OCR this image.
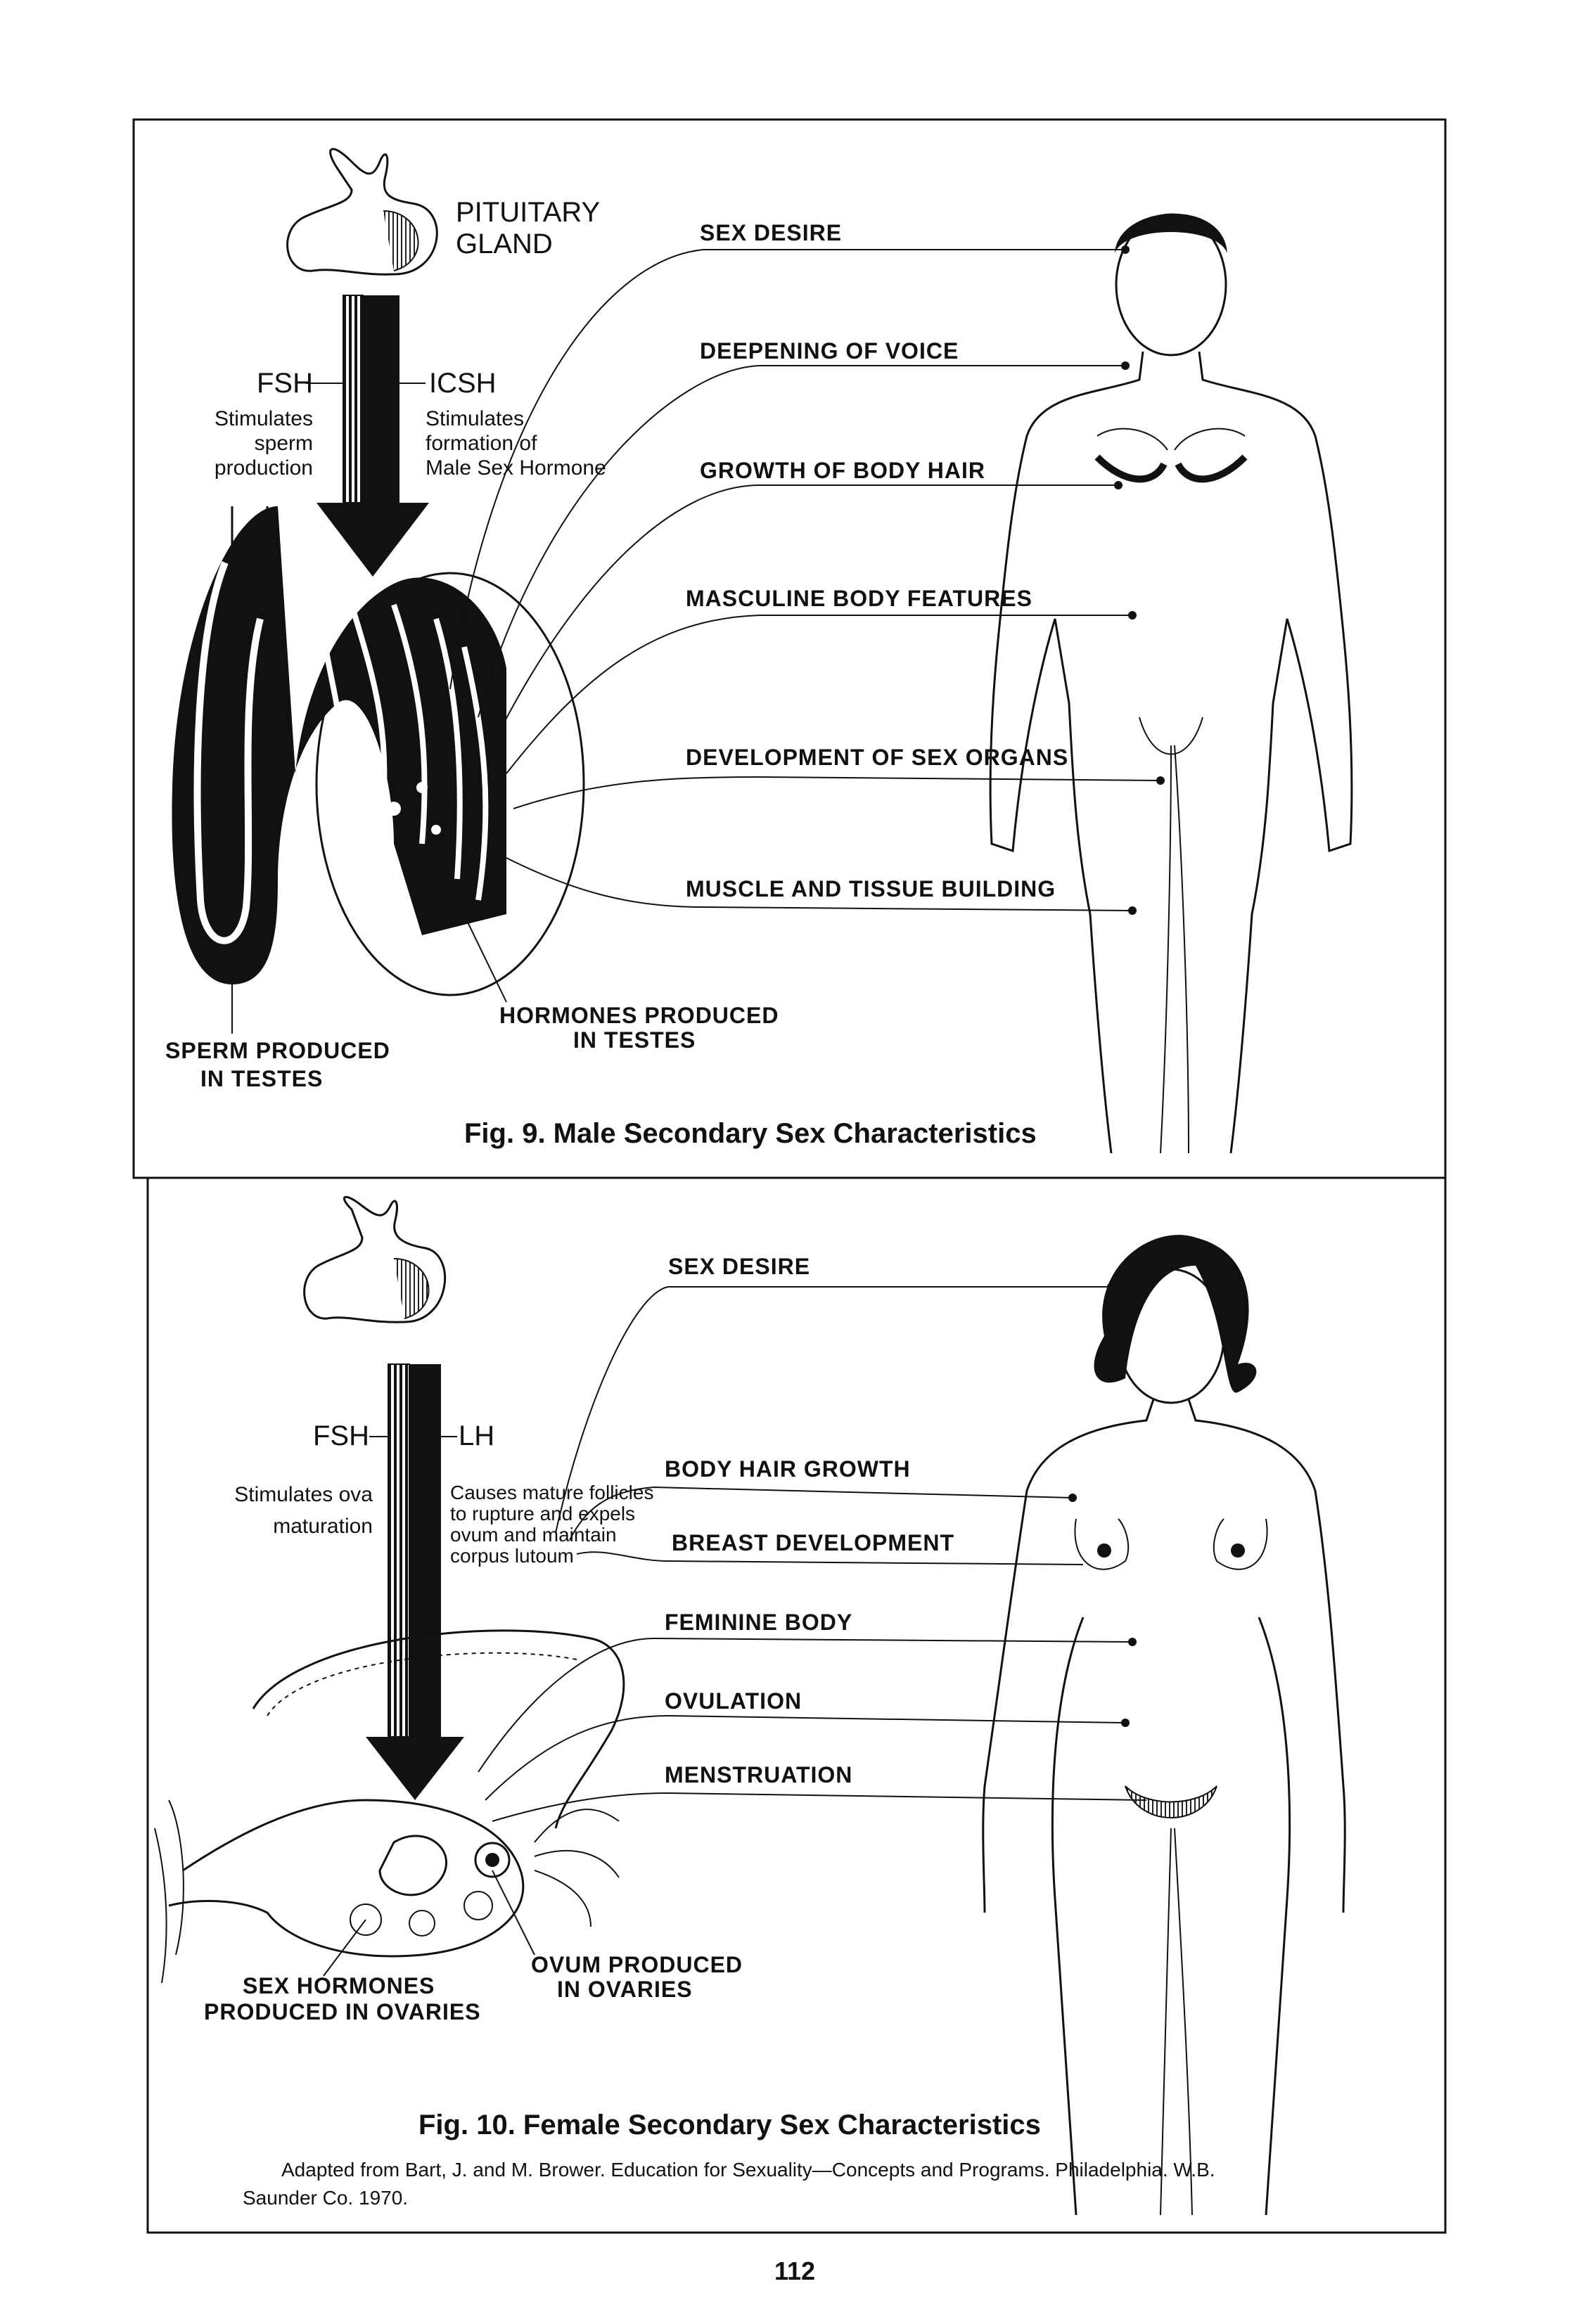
PITUITARY
GLAND
FSH	ICSH
Stimulates
sperm
production
Stimulates
formation of
Male Sex Hormone
SEX DESIRE
DEEPENING OF VOICE
GROWTH OF BODY HAIR
MASCULINE BODY FEATURES
DEVELOPMENT OF SEX ORGANS
MUSCLE AND TISSUE BUILDING
SPERM PRODUCED
IN TESTES
HORMONES PRODUCED
IN TESTES
Fig. 9. Male Secondary Sex Characteristics
FSH	LH
Stimulates ova
maturation
Causes mature follicles
to rupture and expels
ovum and maintain
corpus lutoum
SEX DESIRE
BODY HAIR GROWTH
BREAST DEVELOPMENT
FEMININE BODY
OVULATION
MENSTRUATION
SEX HORMONES
PRODUCED IN OVARIES
OVUM PRODUCED
IN OVARIES
Fig. 10. Female Secondary Sex Characteristics
Adapted from Bart, J. and M. Brower. Education for Sexuality—Concepts and Programs. Philadelphia. W.B.
Saunder Co. 1970.
112
